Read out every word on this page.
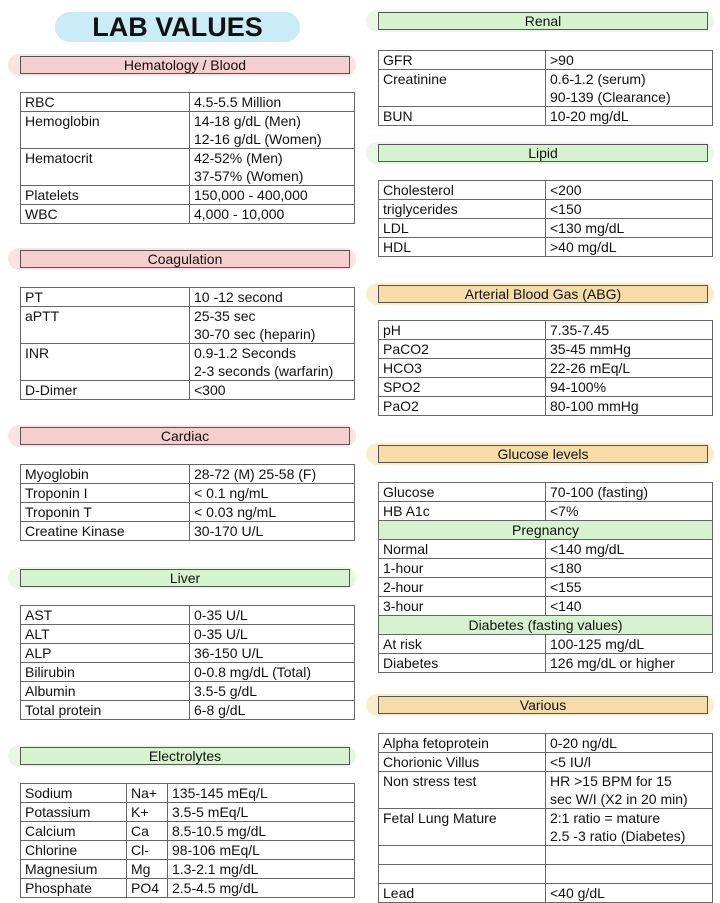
LAB VALUES
Hematology / Blood
RBC	4.5-5.5 Million
Hemoglobin	14-18 g/dL (Men)
12-16 g/dL (Women)
Hematocrit	42-52% (Men)
37-57% (Women)
Platelets	150,000 - 400,000
WBC	4,000 - 10,000
Coagulation
PT	10 -12 second
aPTT	25-35 sec
30-70 sec (heparin)
INR	0.9-1.2 Seconds
2-3 seconds (warfarin)
D-Dimer	<300
Cardiac
Myoglobin	28-72 (M) 25-58 (F)
Troponin I	< 0.1 ng/mL
Troponin T	< 0.03 ng/mL
Creatine Kinase	30-170 U/L
Liver
AST	0-35 U/L
ALT	0-35 U/L
ALP	36-150 U/L
Bilirubin	0-0.8 mg/dL (Total)
Albumin	3.5-5 g/dL
Total protein	6-8 g/dL
Electrolytes
Sodium	Na+	135-145 mEq/L
Potassium	K+	3.5-5 mEq/L
Calcium	Ca	8.5-10.5 mg/dL
Chlorine	Cl-	98-106 mEq/L
Magnesium	Mg	1.3-2.1 mg/dL
Phosphate	PO4	2.5-4.5 mg/dL
Renal
GFR	>90
Creatinine	0.6-1.2 (serum)
90-139 (Clearance)
BUN	10-20 mg/dL
Lipid
Cholesterol	<200
triglycerides	<150
LDL	<130 mg/dL
HDL	>40 mg/dL
Arterial Blood Gas (ABG)
pH	7.35-7.45
PaCO2	35-45 mmHg
HCO3	22-26 mEq/L
SPO2	94-100%
PaO2	80-100 mmHg
Glucose levels
Glucose	70-100 (fasting)
HB A1c	<7%
Pregnancy	
Normal	<140 mg/dL
1-hour	<180
2-hour	<155
3-hour	<140
Diabetes (fasting values)	
At risk	100-125 mg/dL
Diabetes	126 mg/dL or higher
Various
Alpha fetoprotein	0-20 ng/dL
Chorionic Villus	<5 IU/l
Non stress test	HR >15 BPM for 15
sec W/I (X2 in 20 min)
Fetal Lung Mature	2:1 ratio = mature
2.5 -3 ratio (Diabetes)

Lead	<40 g/dL
